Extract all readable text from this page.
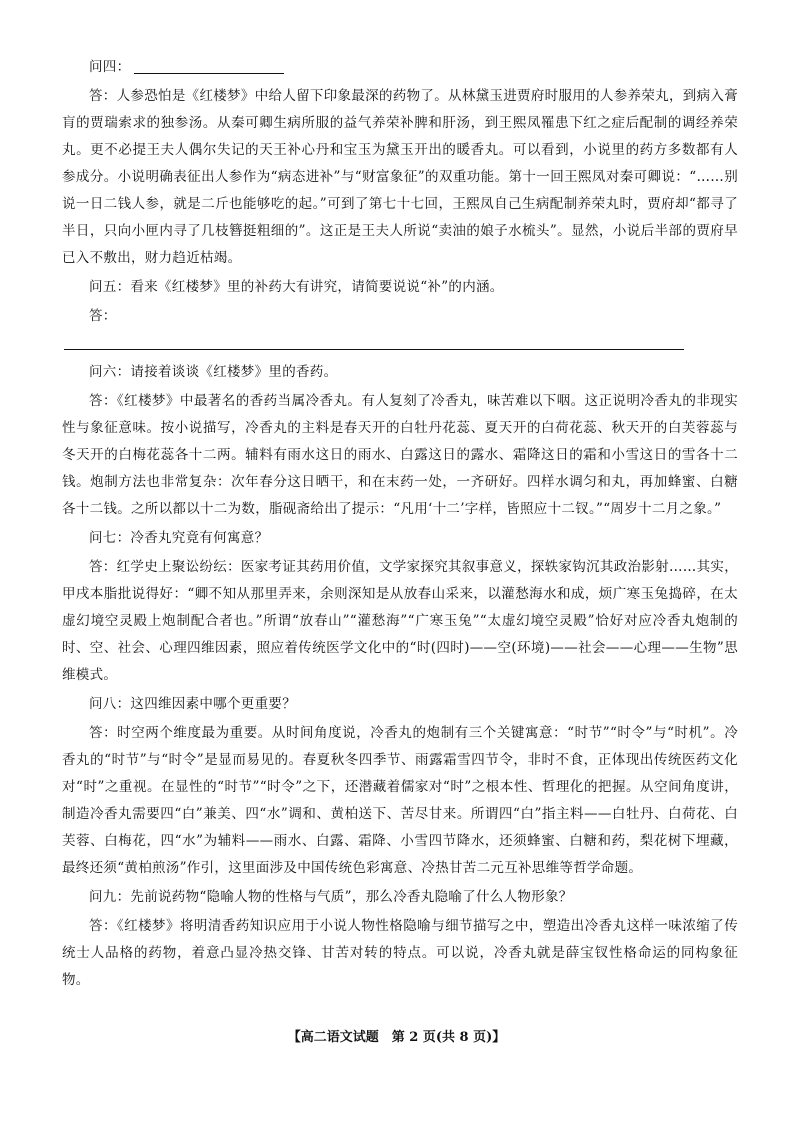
问四：
答：人参恐怕是《红楼梦》中给人留下印象最深的药物了。从林黛玉进贾府时服用的人参养荣丸，到病入膏肓的贾瑞索求的独参汤。从秦可卿生病所服的益气养荣补脾和肝汤，到王熙凤罹患下红之症后配制的调经养荣丸。更不必提王夫人偶尔失记的天王补心丹和宝玉为黛玉开出的暖香丸。可以看到，小说里的药方多数都有人参成分。小说明确表征出人参作为“病态进补”与“财富象征”的双重功能。第十一回王熙凤对秦可卿说：“……别说一日二钱人参，就是二斤也能够吃的起。”可到了第七十七回，王熙凤自己生病配制养荣丸时，贾府却“都寻了半日，只向小匣内寻了几枝簪挺粗细的”。这正是王夫人所说“卖油的娘子水梳头”。显然，小说后半部的贾府早已入不敷出，财力趋近枯竭。
问五：看来《红楼梦》里的补药大有讲究，请简要说说“补”的内涵。
答：
问六：请接着谈谈《红楼梦》里的香药。
答：《红楼梦》中最著名的香药当属冷香丸。有人复刻了冷香丸，味苦难以下咽。这正说明冷香丸的非现实性与象征意味。按小说描写，冷香丸的主料是春天开的白牡丹花蕊、夏天开的白荷花蕊、秋天开的白芙蓉蕊与冬天开的白梅花蕊各十二两。辅料有雨水这日的雨水、白露这日的露水、霜降这日的霜和小雪这日的雪各十二钱。炮制方法也非常复杂：次年春分这日晒干，和在末药一处，一齐研好。四样水调匀和丸，再加蜂蜜、白糖各十二钱。之所以都以十二为数，脂砚斋给出了提示：“凡用‘十二’字样，皆照应十二钗。”“周岁十二月之象。”
问七：冷香丸究竟有何寓意？
答：红学史上聚讼纷纭：医家考证其药用价值，文学家探究其叙事意义，探轶家钩沉其政治影射……其实，甲戌本脂批说得好：“卿不知从那里弄来，余则深知是从放春山采来，以灌愁海水和成，烦广寒玉兔捣碎，在太虚幻境空灵殿上炮制配合者也。”所谓“放春山”“灌愁海”“广寒玉兔”“太虚幻境空灵殿”恰好对应冷香丸炮制的时、空、社会、心理四维因素，照应着传统医学文化中的“时(四时)——空(环境)——社会——心理——生物”思维模式。
问八：这四维因素中哪个更重要？
答：时空两个维度最为重要。从时间角度说，冷香丸的炮制有三个关键寓意：“时节”“时令”与“时机”。冷香丸的“时节”与“时令”是显而易见的。春夏秋冬四季节、雨露霜雪四节令，非时不食，正体现出传统医药文化对“时”之重视。在显性的“时节”“时令”之下，还潜藏着儒家对“时”之根本性、哲理化的把握。从空间角度讲，制造冷香丸需要四“白”兼美、四“水”调和、黄柏送下、苦尽甘来。所谓四“白”指主料——白牡丹、白荷花、白芙蓉、白梅花，四“水”为辅料——雨水、白露、霜降、小雪四节降水，还须蜂蜜、白糖和药，梨花树下埋藏，最终还须“黄柏煎汤”作引，这里面涉及中国传统色彩寓意、冷热甘苦二元互补思维等哲学命题。
问九：先前说药物“隐喻人物的性格与气质”，那么冷香丸隐喻了什么人物形象？
答：《红楼梦》将明清香药知识应用于小说人物性格隐喻与细节描写之中，塑造出冷香丸这样一味浓缩了传统士人品格的药物，着意凸显冷热交锋、甘苦对转的特点。可以说，冷香丸就是薛宝钗性格命运的同构象征物。
【高二语文试题　第 2 页(共 8 页)】
